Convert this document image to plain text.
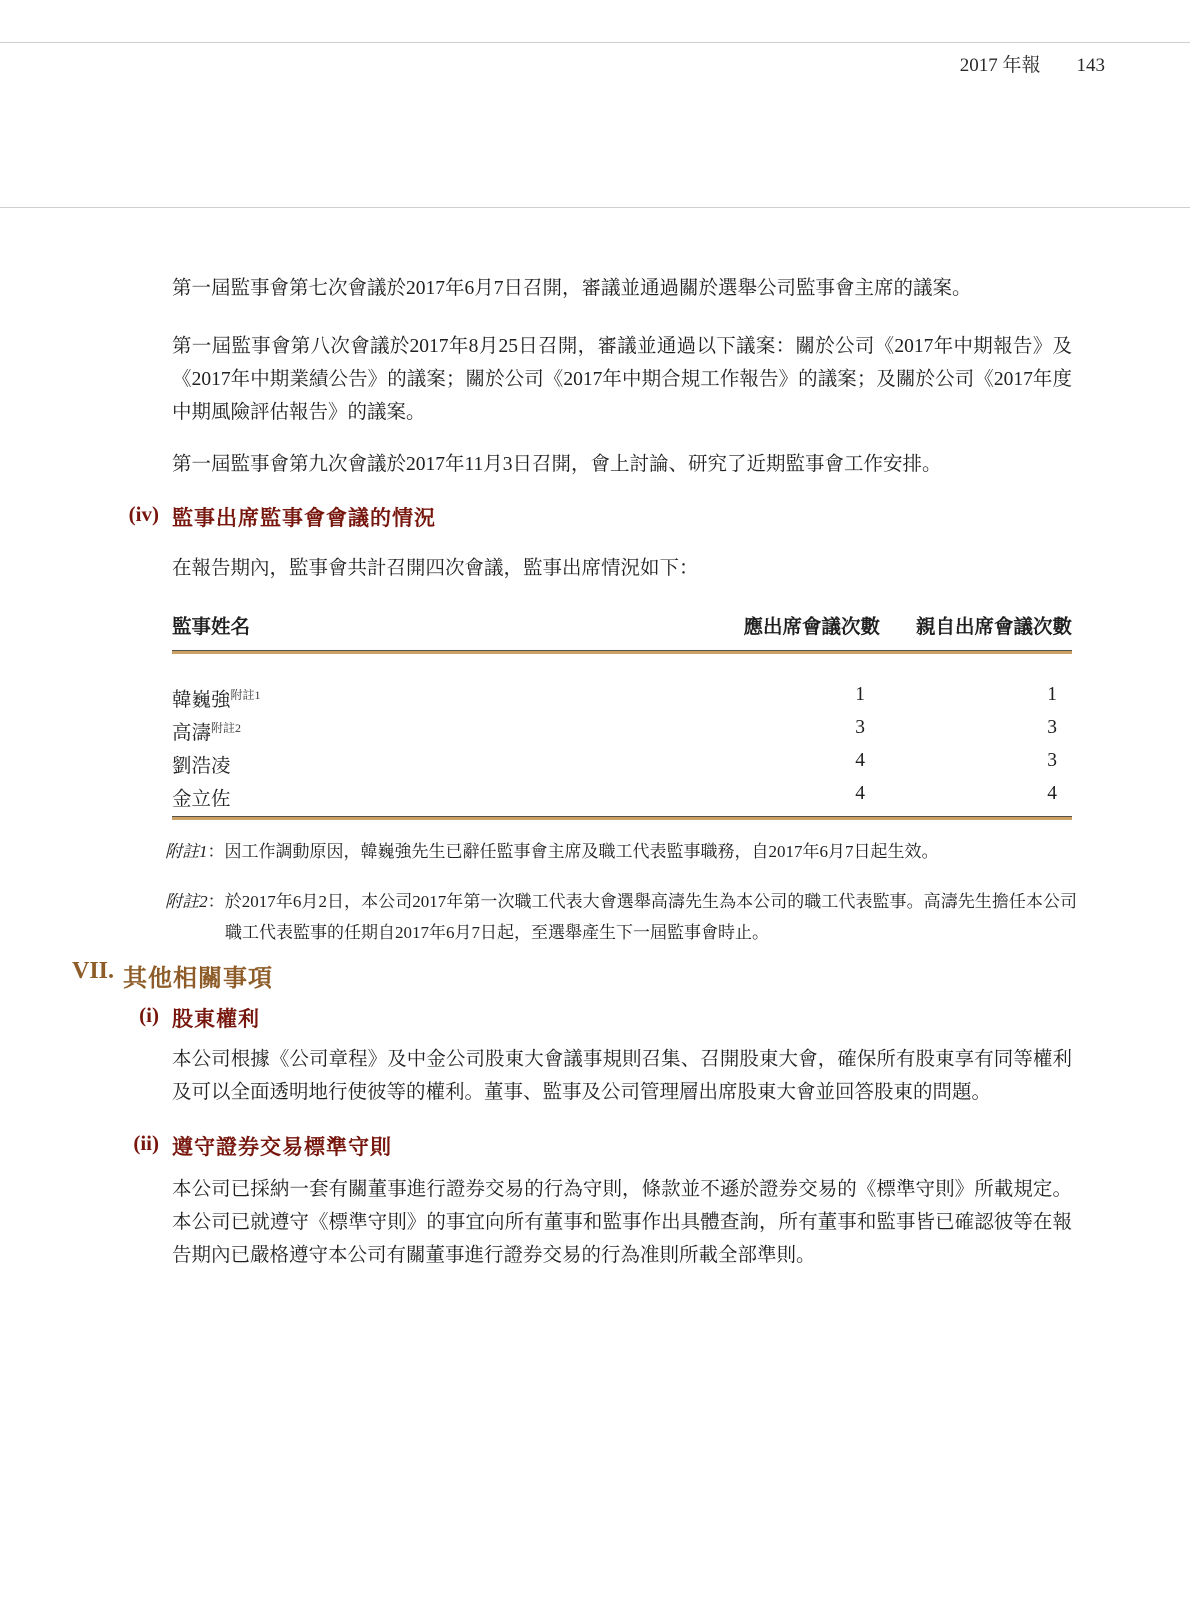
2017 年報 143

第一屆監事會第七次會議於2017年6月7日召開，審議並通過關於選舉公司監事會主席的議案。

第一屆監事會第八次會議於2017年8月25日召開，審議並通過以下議案：關於公司《2017年中期報告》及《2017年中期業績公告》的議案；關於公司《2017年中期合規工作報告》的議案；及關於公司《2017年度中期風險評估報告》的議案。

第一屆監事會第九次會議於2017年11月3日召開，會上討論、研究了近期監事會工作安排。

(iv) 監事出席監事會會議的情況

在報告期內，監事會共計召開四次會議，監事出席情況如下：

監事姓名	應出席會議次數	親自出席會議次數
韓巍強$^{附註1}$	1	1
高濤$^{附註2}$	3	3
劉浩凌	4	3
金立佐	4	4

附註1：因工作調動原因，韓巍強先生已辭任監事會主席及職工代表監事職務，自2017年6月7日起生效。

附註2：於2017年6月2日，本公司2017年第一次職工代表大會選舉高濤先生為本公司的職工代表監事。高濤先生擔任本公司職工代表監事的任期自2017年6月7日起，至選舉產生下一屆監事會時止。

VII. 其他相關事項
(i) 股東權利

本公司根據《公司章程》及中金公司股東大會議事規則召集、召開股東大會，確保所有股東享有同等權利及可以全面透明地行使彼等的權利。董事、監事及公司管理層出席股東大會並回答股東的問題。

(ii) 遵守證券交易標準守則

本公司已採納一套有關董事進行證券交易的行為守則，條款並不遜於證券交易的《標準守則》所載規定。本公司已就遵守《標準守則》的事宜向所有董事和監事作出具體查詢，所有董事和監事皆已確認彼等在報告期內已嚴格遵守本公司有關董事進行證券交易的行為准則所載全部準則。
